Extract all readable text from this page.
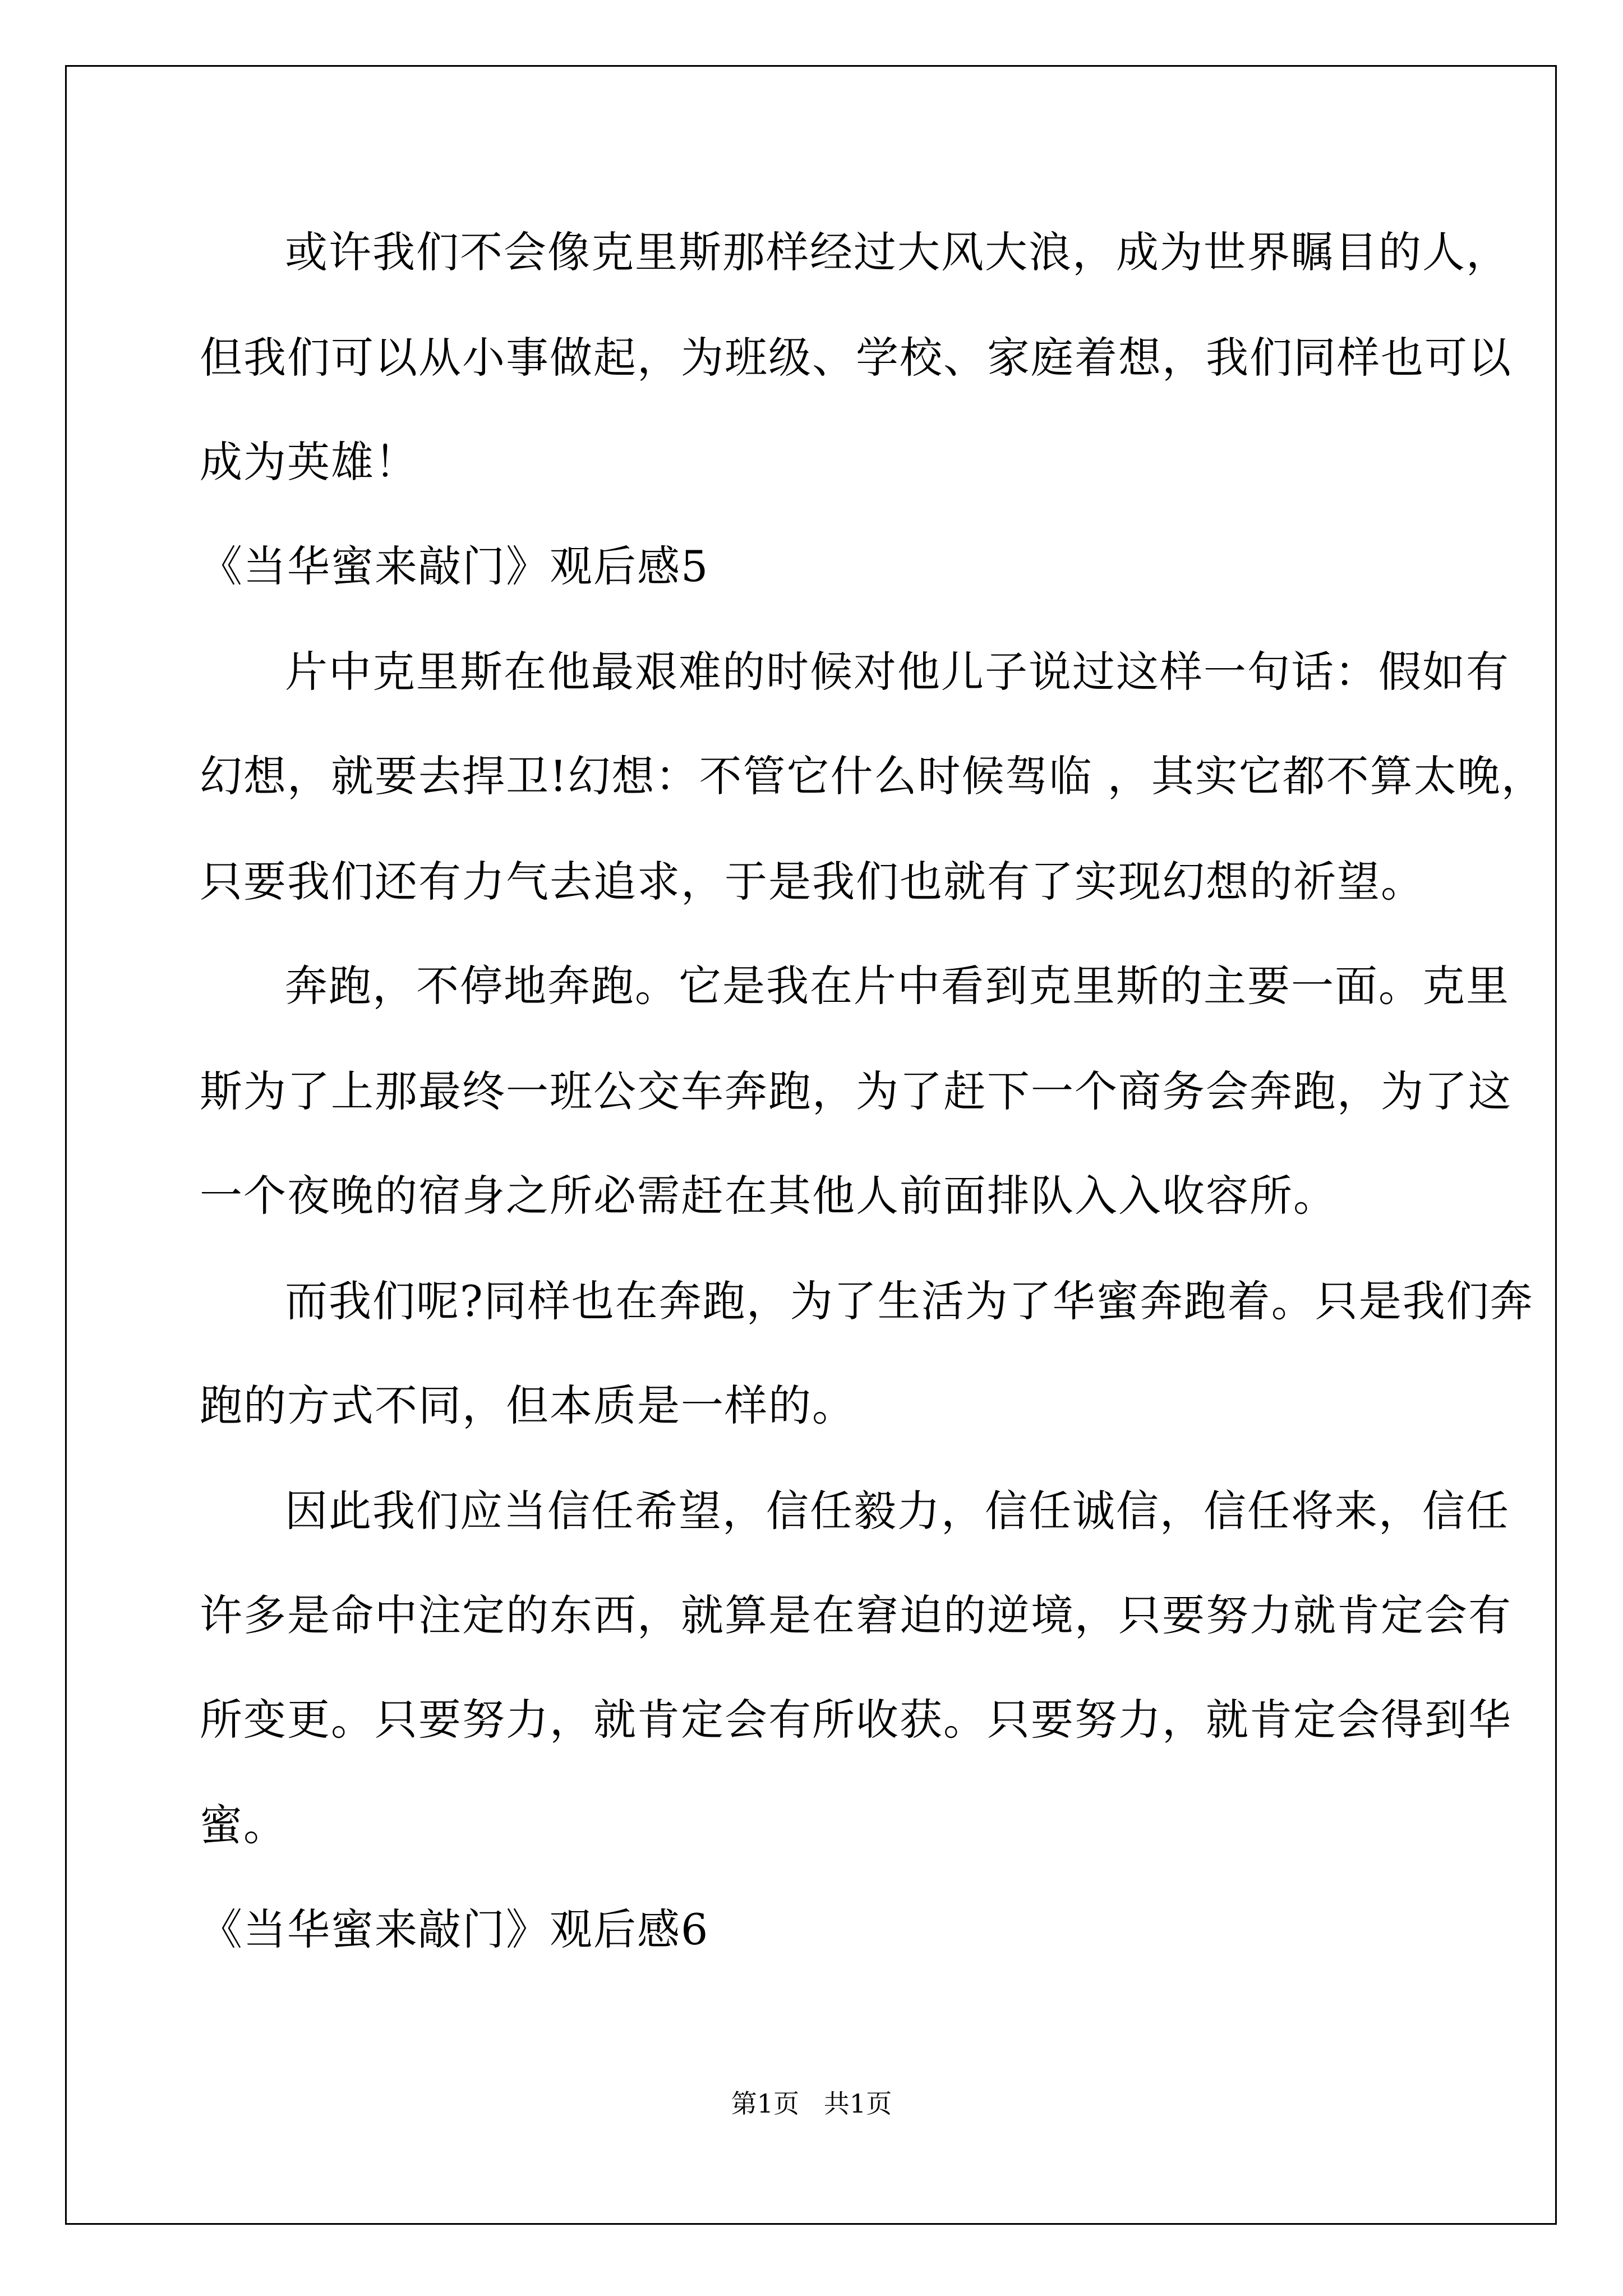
或许我们不会像克里斯那样经过大风大浪，成为世界瞩目的人，
但我们可以从小事做起，为班级、学校、家庭着想，我们同样也可以
成为英雄！
《当华蜜来敲门》观后感5
片中克里斯在他最艰难的时候对他儿子说过这样一句话：假如有
幻想，就要去捍卫!幻想：不管它什么时候驾临 ，其实它都不算太晚，
只要我们还有力气去追求，于是我们也就有了实现幻想的祈望。
奔跑，不停地奔跑。它是我在片中看到克里斯的主要一面。克里
斯为了上那最终一班公交车奔跑，为了赶下一个商务会奔跑，为了这
一个夜晚的宿身之所必需赶在其他人前面排队入入收容所。
而我们呢?同样也在奔跑，为了生活为了华蜜奔跑着。只是我们奔
跑的方式不同，但本质是一样的。
因此我们应当信任希望，信任毅力，信任诚信，信任将来，信任
许多是命中注定的东西，就算是在窘迫的逆境，只要努力就肯定会有
所变更。只要努力，就肯定会有所收获。只要努力，就肯定会得到华
蜜。
《当华蜜来敲门》观后感6
第1页   共1页
